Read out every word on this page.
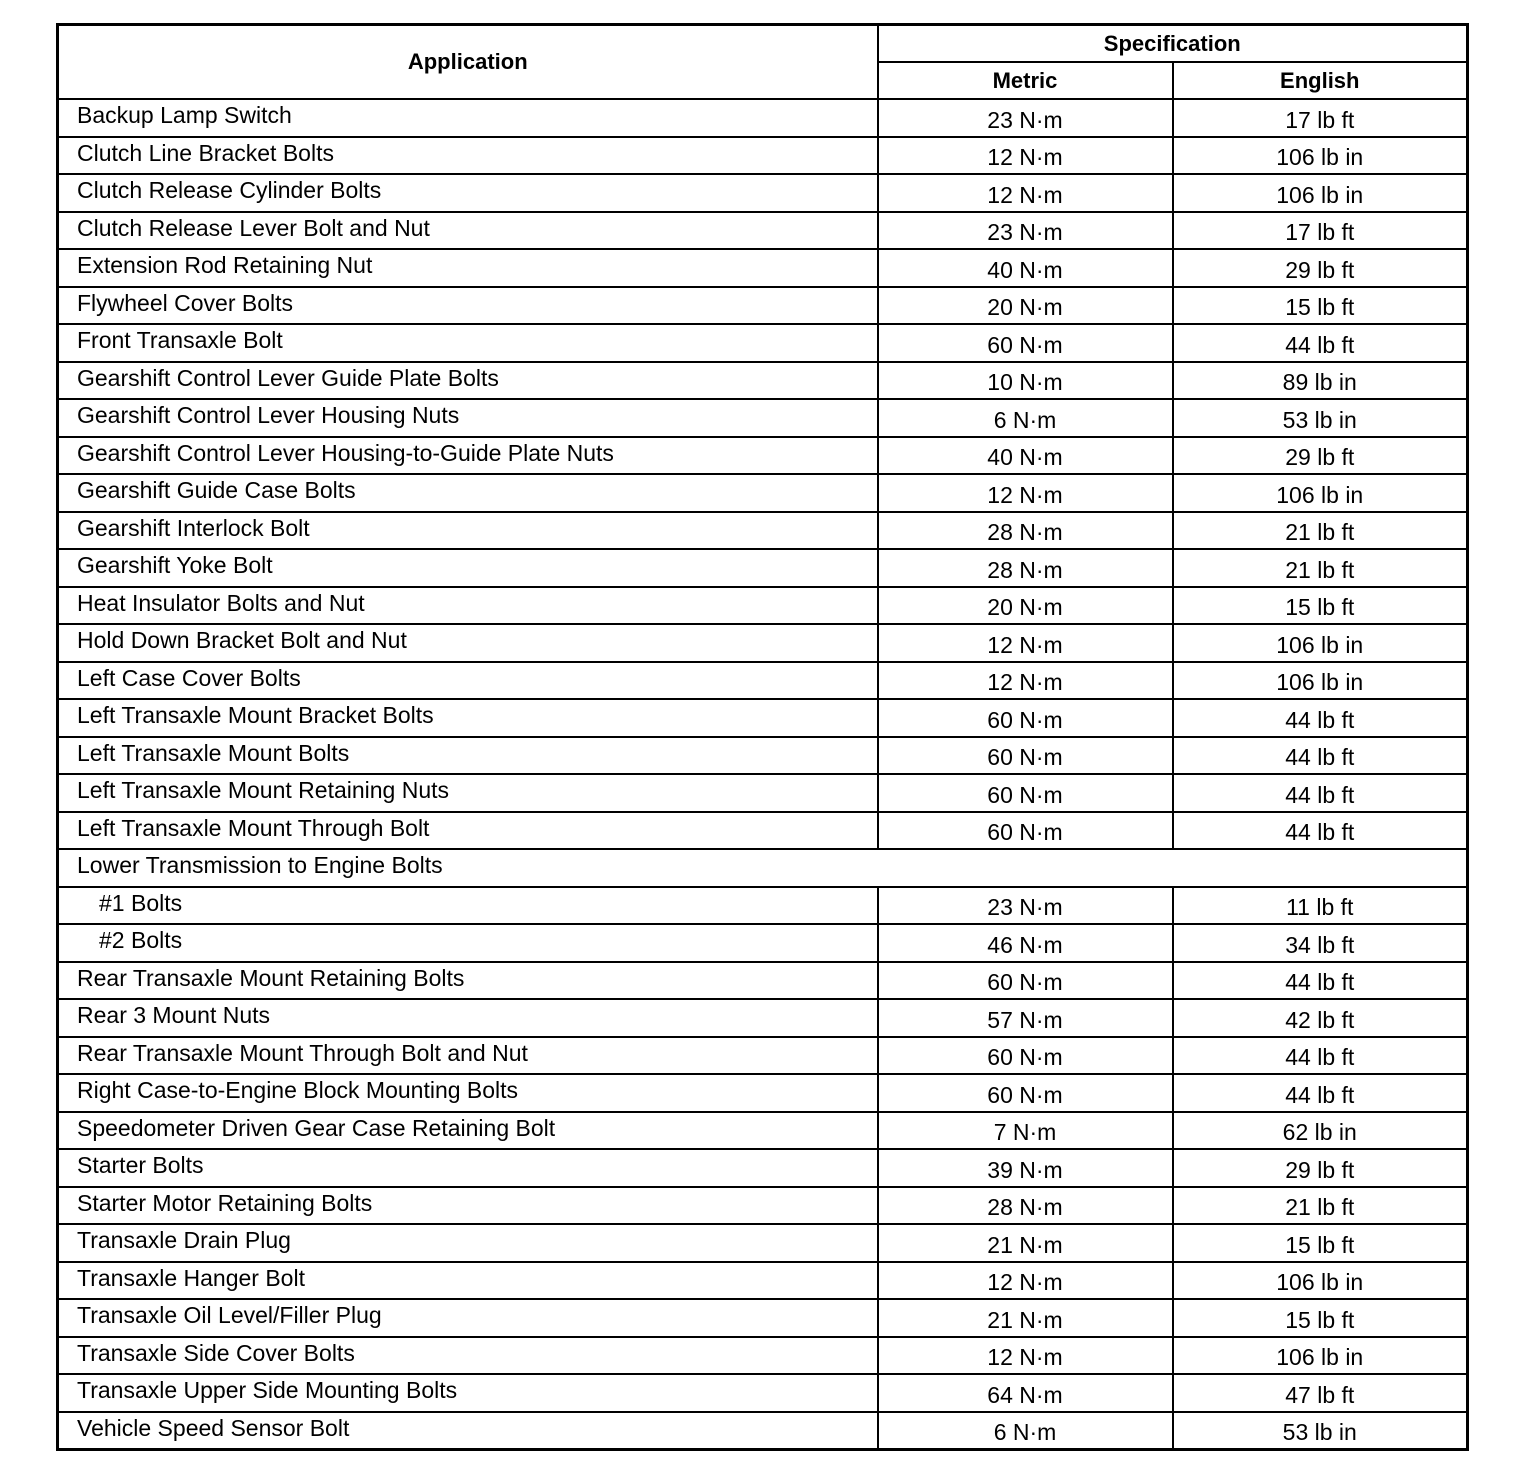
Application	Specification	
	Metric	English
Backup Lamp Switch	23 N·m	17 lb ft
Clutch Line Bracket Bolts	12 N·m	106 lb in
Clutch Release Cylinder Bolts	12 N·m	106 lb in
Clutch Release Lever Bolt and Nut	23 N·m	17 lb ft
Extension Rod Retaining Nut	40 N·m	29 lb ft
Flywheel Cover Bolts	20 N·m	15 lb ft
Front Transaxle Bolt	60 N·m	44 lb ft
Gearshift Control Lever Guide Plate Bolts	10 N·m	89 lb in
Gearshift Control Lever Housing Nuts	6 N·m	53 lb in
Gearshift Control Lever Housing-to-Guide Plate Nuts	40 N·m	29 lb ft
Gearshift Guide Case Bolts	12 N·m	106 lb in
Gearshift Interlock Bolt	28 N·m	21 lb ft
Gearshift Yoke Bolt	28 N·m	21 lb ft
Heat Insulator Bolts and Nut	20 N·m	15 lb ft
Hold Down Bracket Bolt and Nut	12 N·m	106 lb in
Left Case Cover Bolts	12 N·m	106 lb in
Left Transaxle Mount Bracket Bolts	60 N·m	44 lb ft
Left Transaxle Mount Bolts	60 N·m	44 lb ft
Left Transaxle Mount Retaining Nuts	60 N·m	44 lb ft
Left Transaxle Mount Through Bolt	60 N·m	44 lb ft
Lower Transmission to Engine Bolts		
#1 Bolts	23 N·m	11 lb ft
#2 Bolts	46 N·m	34 lb ft
Rear Transaxle Mount Retaining Bolts	60 N·m	44 lb ft
Rear 3 Mount Nuts	57 N·m	42 lb ft
Rear Transaxle Mount Through Bolt and Nut	60 N·m	44 lb ft
Right Case-to-Engine Block Mounting Bolts	60 N·m	44 lb ft
Speedometer Driven Gear Case Retaining Bolt	7 N·m	62 lb in
Starter Bolts	39 N·m	29 lb ft
Starter Motor Retaining Bolts	28 N·m	21 lb ft
Transaxle Drain Plug	21 N·m	15 lb ft
Transaxle Hanger Bolt	12 N·m	106 lb in
Transaxle Oil Level/Filler Plug	21 N·m	15 lb ft
Transaxle Side Cover Bolts	12 N·m	106 lb in
Transaxle Upper Side Mounting Bolts	64 N·m	47 lb ft
Vehicle Speed Sensor Bolt	6 N·m	53 lb in
